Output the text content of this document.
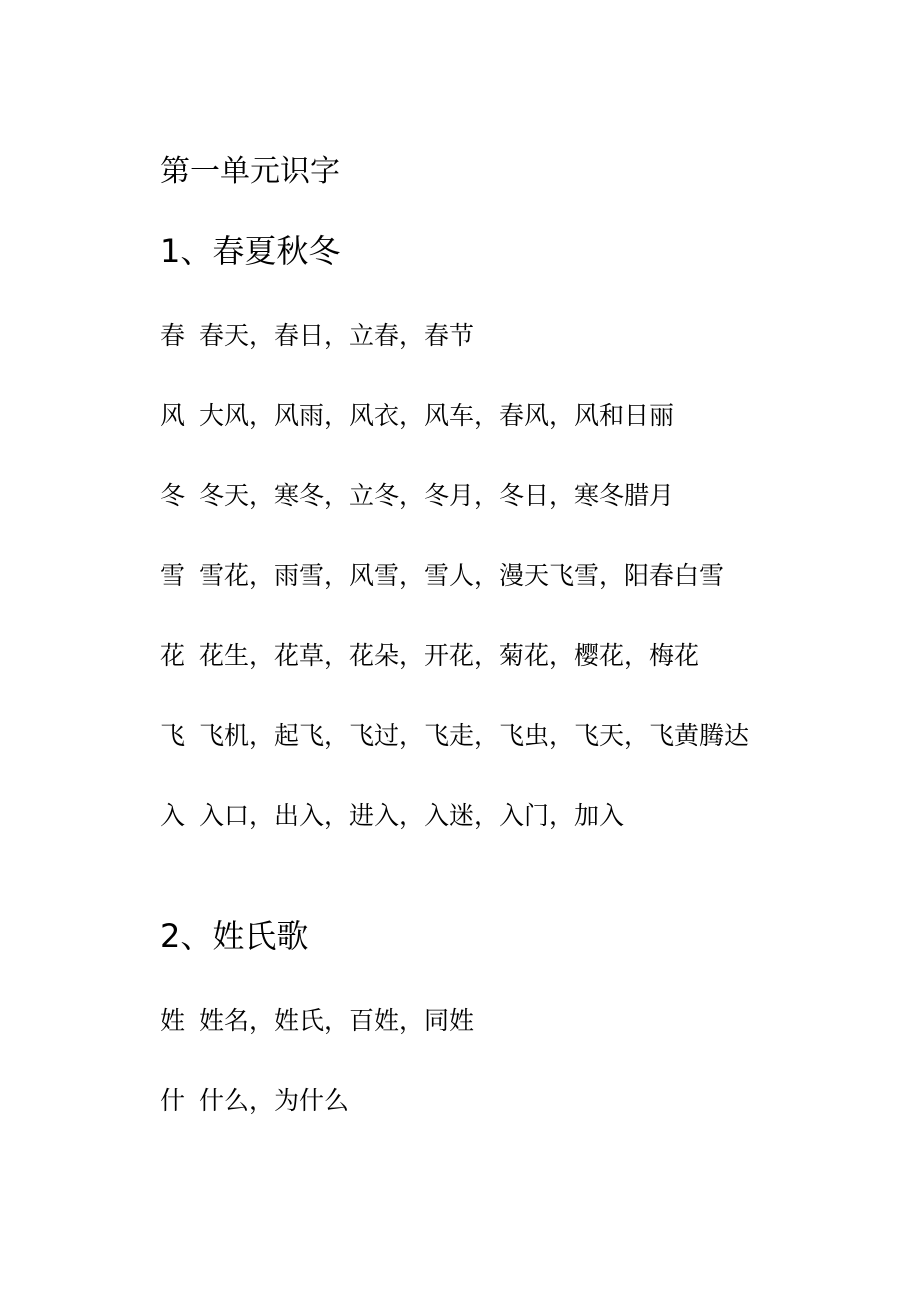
第一单元识字
1、春夏秋冬
春 春天，春日，立春，春节
风 大风，风雨，风衣，风车，春风，风和日丽
冬 冬天，寒冬，立冬，冬月，冬日，寒冬腊月
雪 雪花，雨雪，风雪，雪人，漫天飞雪，阳春白雪
花 花生，花草，花朵，开花，菊花，樱花，梅花
飞 飞机，起飞，飞过，飞走，飞虫，飞天，飞黄腾达
入 入口，出入，进入，入迷，入门，加入
2、姓氏歌
姓 姓名，姓氏，百姓，同姓
什 什么，为什么
